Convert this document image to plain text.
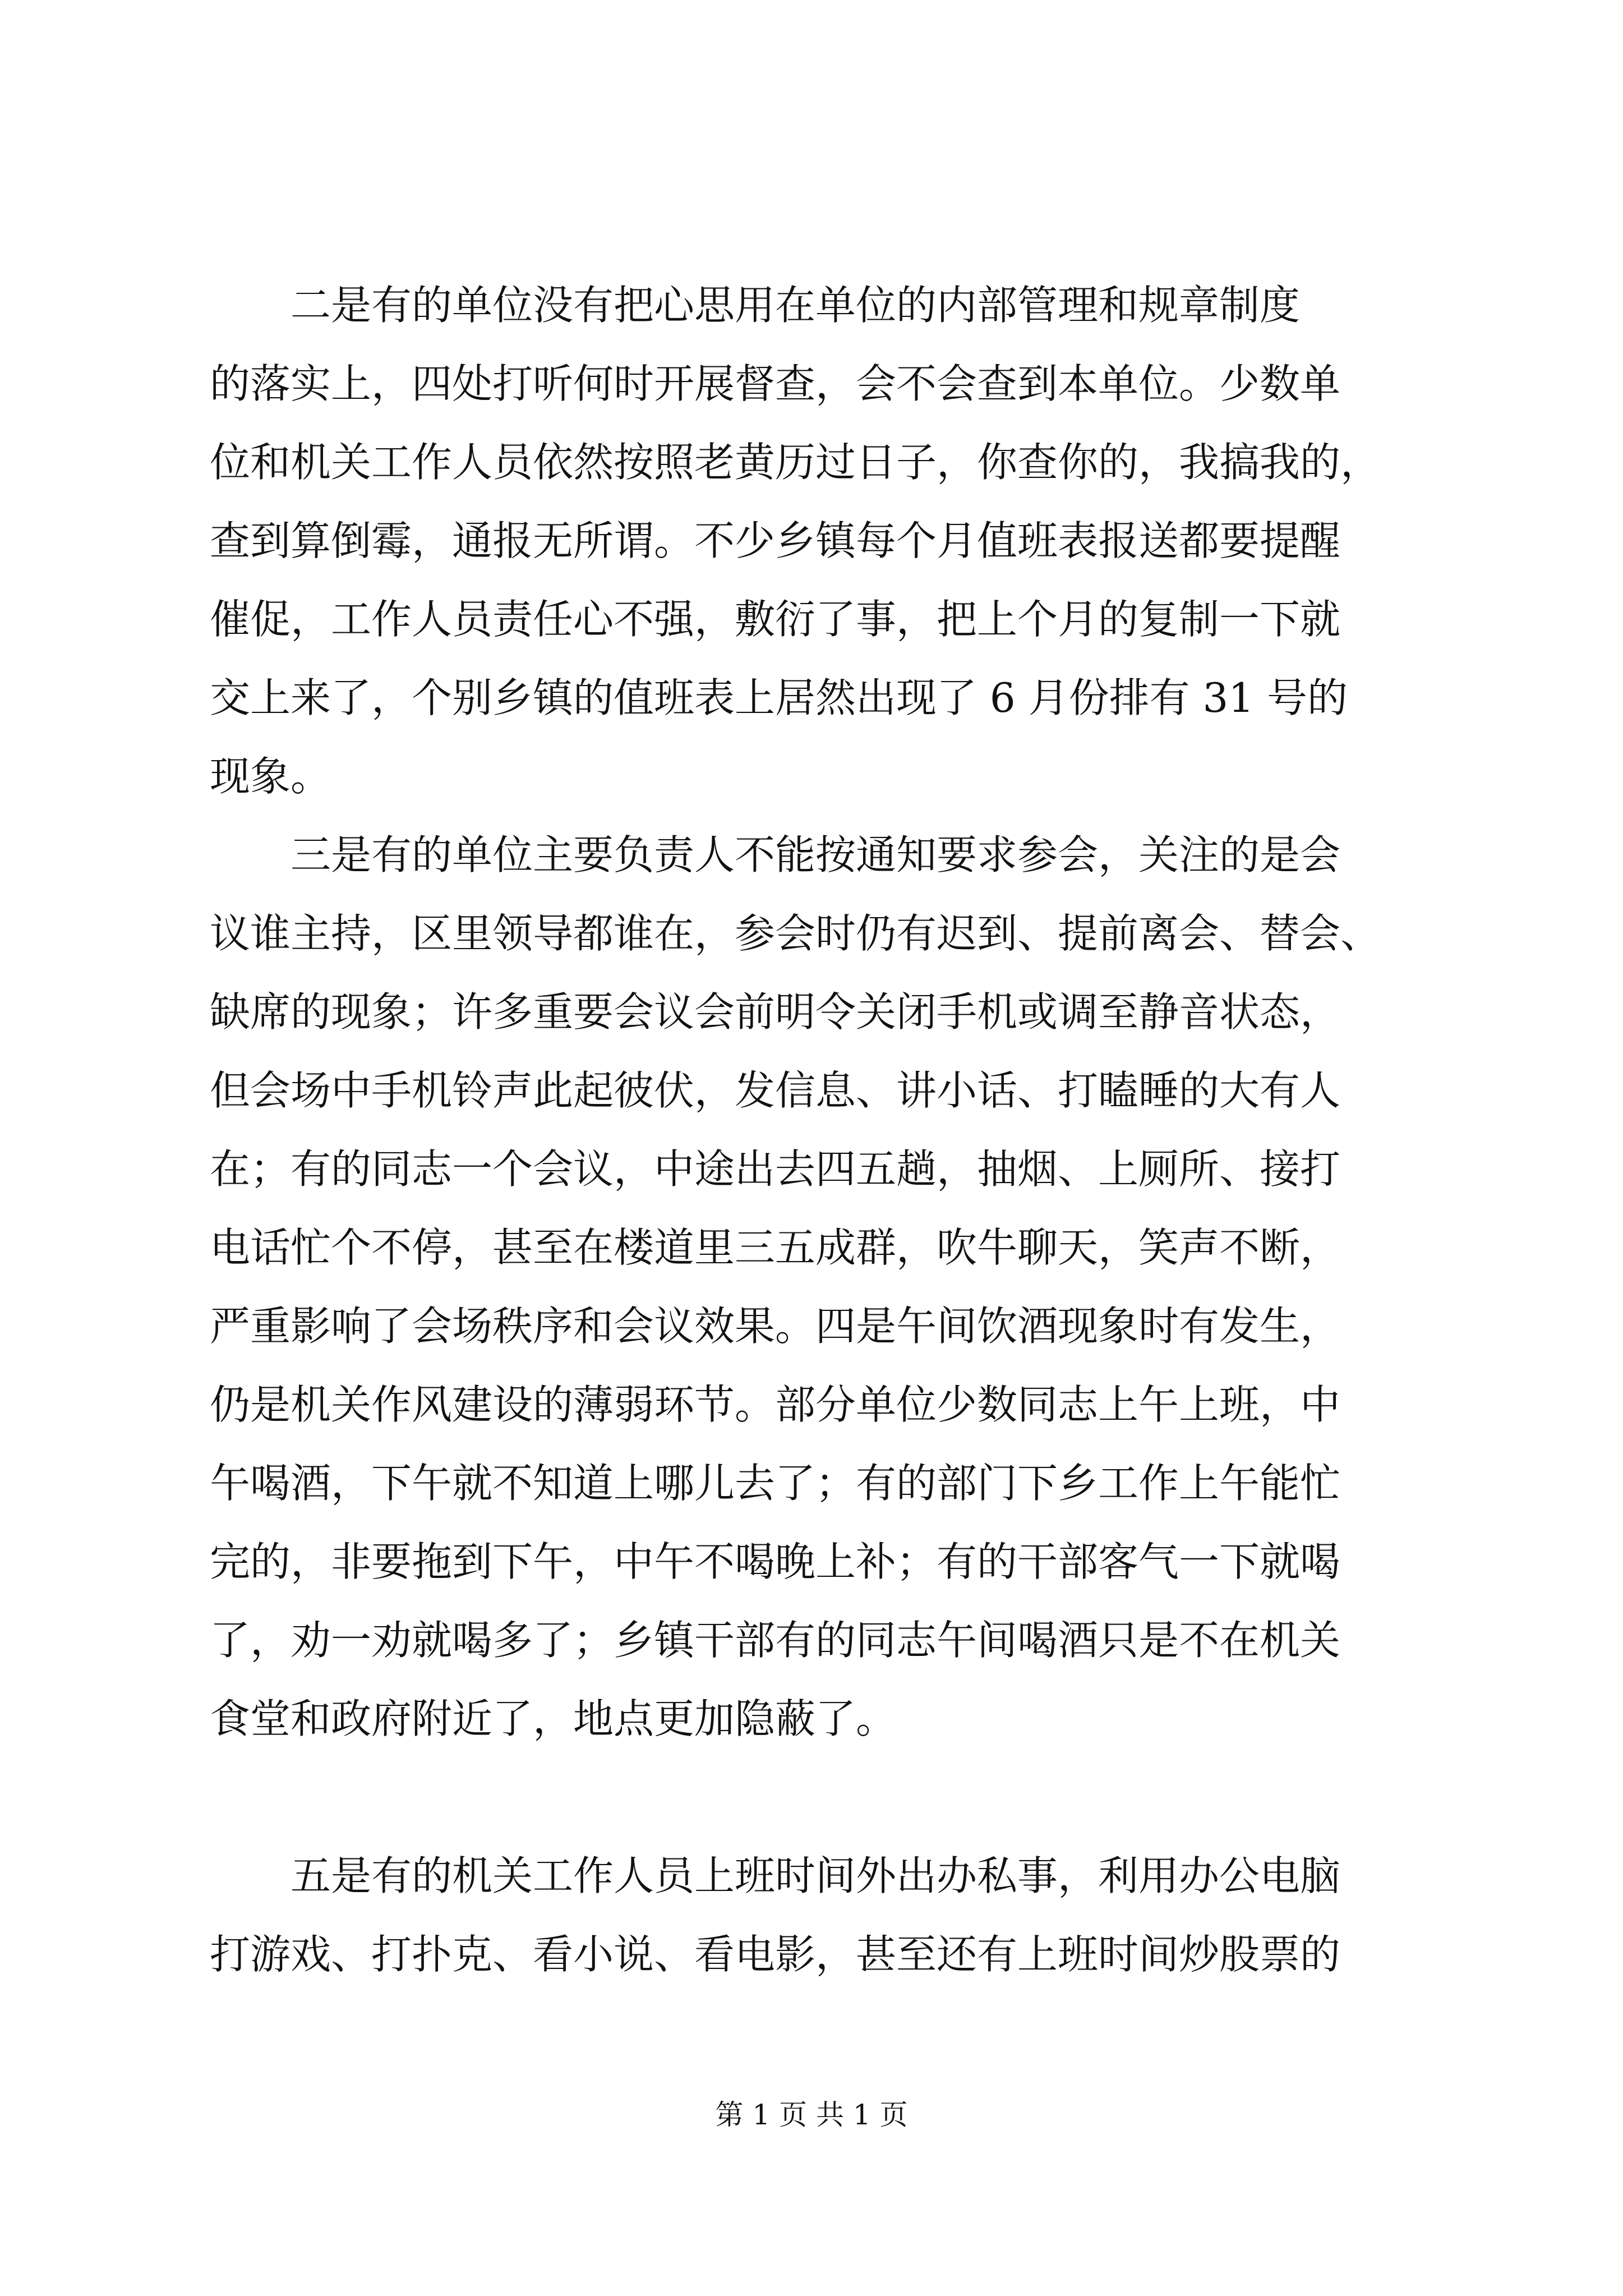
二是有的单位没有把心思用在单位的内部管理和规章制度
的落实上，四处打听何时开展督查，会不会查到本单位。少数单
位和机关工作人员依然按照老黄历过日子，你查你的，我搞我的，
查到算倒霉，通报无所谓。不少乡镇每个月值班表报送都要提醒
催促，工作人员责任心不强，敷衍了事，把上个月的复制一下就
交上来了，个别乡镇的值班表上居然出现了 6 月份排有 31 号的
现象。
三是有的单位主要负责人不能按通知要求参会，关注的是会
议谁主持，区里领导都谁在，参会时仍有迟到、提前离会、替会、
缺席的现象；许多重要会议会前明令关闭手机或调至静音状态，
但会场中手机铃声此起彼伏，发信息、讲小话、打瞌睡的大有人
在；有的同志一个会议，中途出去四五趟，抽烟、上厕所、接打
电话忙个不停，甚至在楼道里三五成群，吹牛聊天，笑声不断，
严重影响了会场秩序和会议效果。四是午间饮酒现象时有发生，
仍是机关作风建设的薄弱环节。部分单位少数同志上午上班，中
午喝酒，下午就不知道上哪儿去了；有的部门下乡工作上午能忙
完的，非要拖到下午，中午不喝晚上补；有的干部客气一下就喝
了，劝一劝就喝多了；乡镇干部有的同志午间喝酒只是不在机关
食堂和政府附近了，地点更加隐蔽了。
五是有的机关工作人员上班时间外出办私事，利用办公电脑
打游戏、打扑克、看小说、看电影，甚至还有上班时间炒股票的
第 1 页 共 1 页
